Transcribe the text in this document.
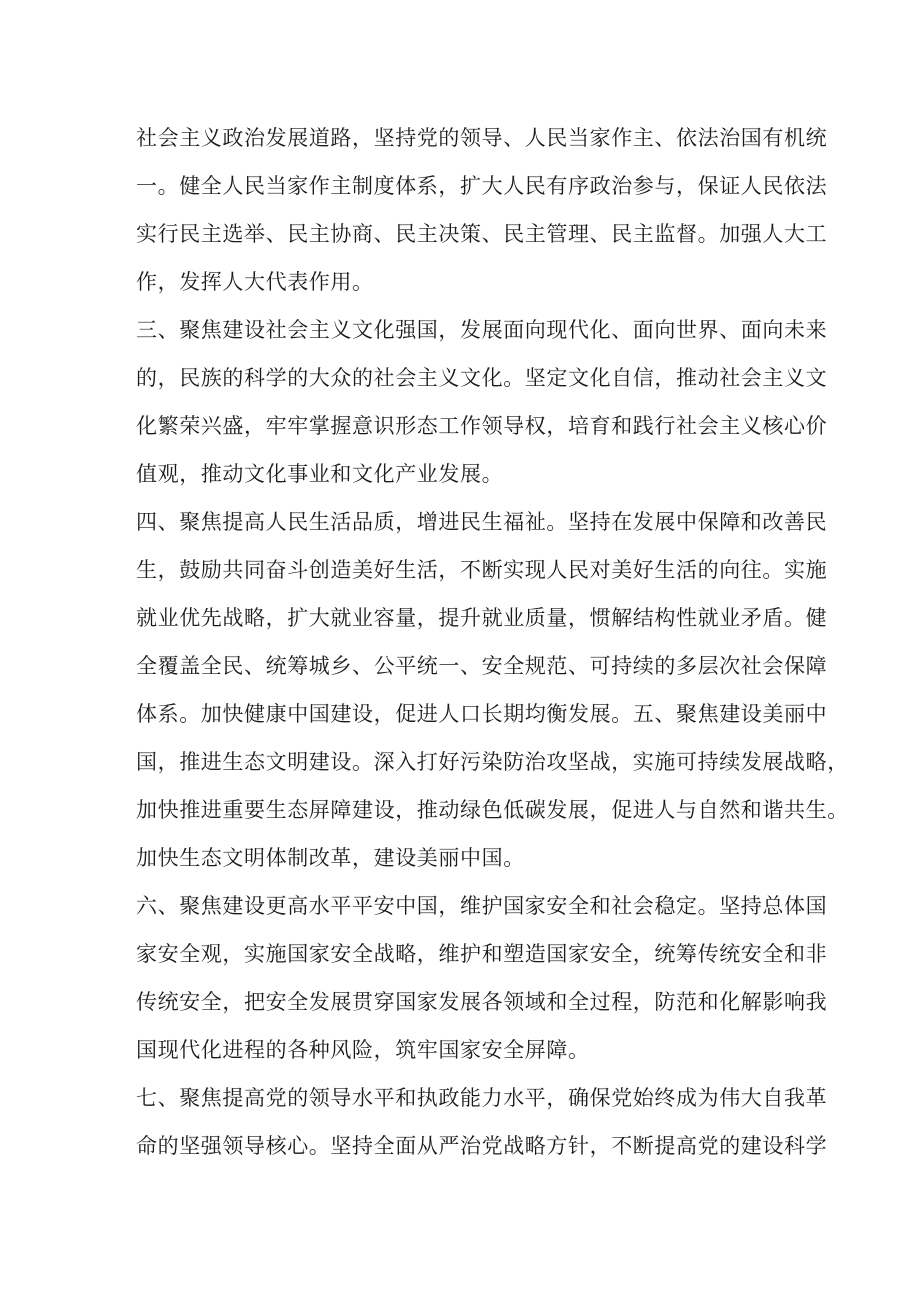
社会主义政治发展道路，坚持党的领导、人民当家作主、依法治国有机统
一。健全人民当家作主制度体系，扩大人民有序政治参与，保证人民依法
实行民主选举、民主协商、民主决策、民主管理、民主监督。加强人大工
作，发挥人大代表作用。
三、聚焦建设社会主义文化强国，发展面向现代化、面向世界、面向未来
的，民族的科学的大众的社会主义文化。坚定文化自信，推动社会主义文
化繁荣兴盛，牢牢掌握意识形态工作领导权，培育和践行社会主义核心价
值观，推动文化事业和文化产业发展。
四、聚焦提高人民生活品质，增进民生福祉。坚持在发展中保障和改善民
生，鼓励共同奋斗创造美好生活，不断实现人民对美好生活的向往。实施
就业优先战略，扩大就业容量，提升就业质量，惯解结构性就业矛盾。健
全覆盖全民、统筹城乡、公平统一、安全规范、可持续的多层次社会保障
体系。加快健康中国建设，促进人口长期均衡发展。五、聚焦建设美丽中
国，推进生态文明建设。深入打好污染防治攻坚战，实施可持续发展战略，
加快推进重要生态屏障建设，推动绿色低碳发展，促进人与自然和谐共生。
加快生态文明体制改革，建设美丽中国。
六、聚焦建设更高水平平安中国，维护国家安全和社会稳定。坚持总体国
家安全观，实施国家安全战略，维护和塑造国家安全，统筹传统安全和非
传统安全，把安全发展贯穿国家发展各领域和全过程，防范和化解影响我
国现代化进程的各种风险，筑牢国家安全屏障。
七、聚焦提高党的领导水平和执政能力水平，确保党始终成为伟大自我革
命的坚强领导核心。坚持全面从严治党战略方针，不断提高党的建设科学
